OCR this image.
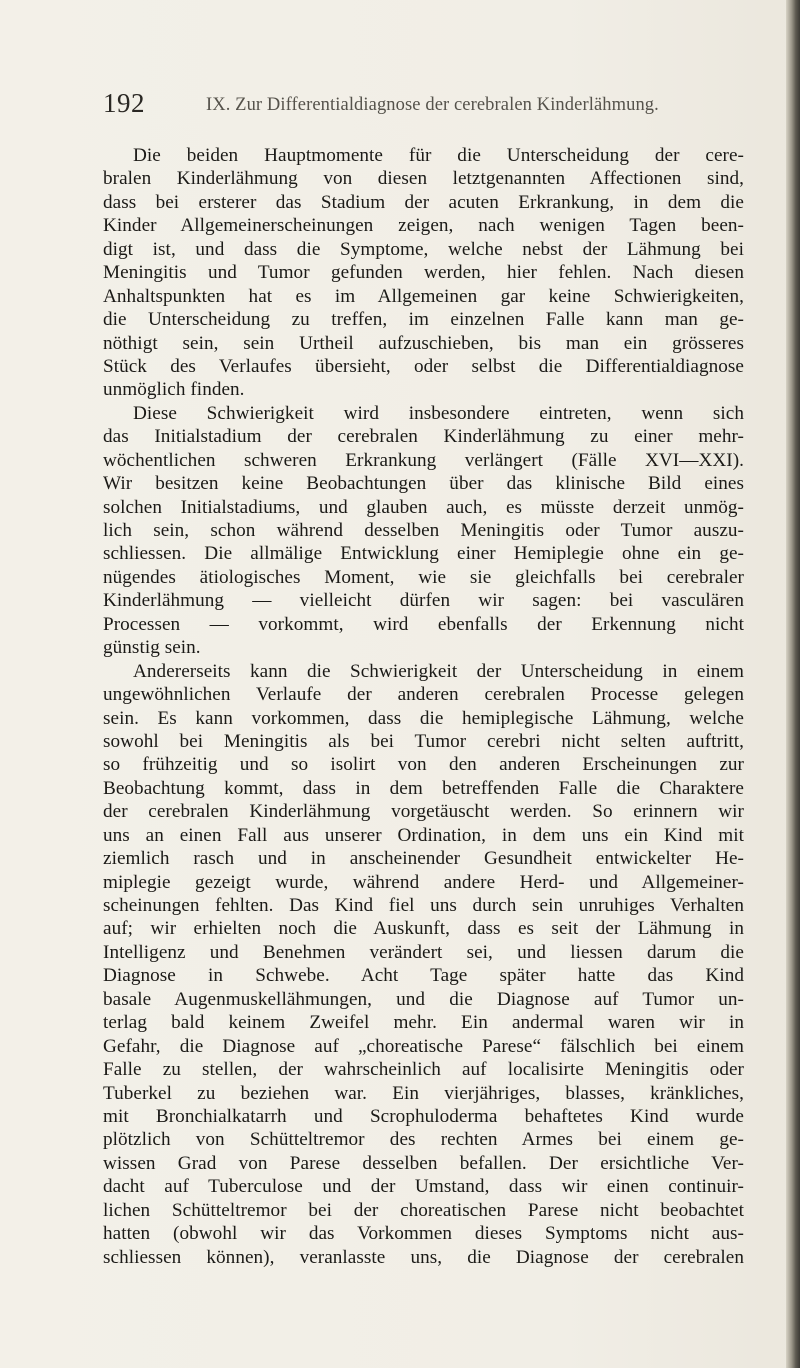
192	IX. Zur Differentialdiagnose der cerebralen Kinderlähmung.
Die beiden Hauptmomente für die Unterscheidung der cere-
bralen Kinderlähmung von diesen letztgenannten Affectionen sind,
dass bei ersterer das Stadium der acuten Erkrankung, in dem die
Kinder Allgemeinerscheinungen zeigen, nach wenigen Tagen been-
digt ist, und dass die Symptome, welche nebst der Lähmung bei
Meningitis und Tumor gefunden werden, hier fehlen. Nach diesen
Anhaltspunkten hat es im Allgemeinen gar keine Schwierigkeiten,
die Unterscheidung zu treffen, im einzelnen Falle kann man ge-
nöthigt sein, sein Urtheil aufzuschieben, bis man ein grösseres
Stück des Verlaufes übersieht, oder selbst die Differentialdiagnose
unmöglich finden.
Diese Schwierigkeit wird insbesondere eintreten, wenn sich
das Initialstadium der cerebralen Kinderlähmung zu einer mehr-
wöchentlichen schweren Erkrankung verlängert (Fälle XVI—XXI).
Wir besitzen keine Beobachtungen über das klinische Bild eines
solchen Initialstadiums, und glauben auch, es müsste derzeit unmög-
lich sein, schon während desselben Meningitis oder Tumor auszu-
schliessen. Die allmälige Entwicklung einer Hemiplegie ohne ein ge-
nügendes ätiologisches Moment, wie sie gleichfalls bei cerebraler
Kinderlähmung — vielleicht dürfen wir sagen: bei vasculären
Processen — vorkommt, wird ebenfalls der Erkennung nicht
günstig sein.
Andererseits kann die Schwierigkeit der Unterscheidung in einem
ungewöhnlichen Verlaufe der anderen cerebralen Processe gelegen
sein. Es kann vorkommen, dass die hemiplegische Lähmung, welche
sowohl bei Meningitis als bei Tumor cerebri nicht selten auftritt,
so frühzeitig und so isolirt von den anderen Erscheinungen zur
Beobachtung kommt, dass in dem betreffenden Falle die Charaktere
der cerebralen Kinderlähmung vorgetäuscht werden. So erinnern wir
uns an einen Fall aus unserer Ordination, in dem uns ein Kind mit
ziemlich rasch und in anscheinender Gesundheit entwickelter He-
miplegie gezeigt wurde, während andere Herd- und Allgemeiner-
scheinungen fehlten. Das Kind fiel uns durch sein unruhiges Verhalten
auf; wir erhielten noch die Auskunft, dass es seit der Lähmung in
Intelligenz und Benehmen verändert sei, und liessen darum die
Diagnose in Schwebe. Acht Tage später hatte das Kind
basale Augenmuskellähmungen, und die Diagnose auf Tumor un-
terlag bald keinem Zweifel mehr. Ein andermal waren wir in
Gefahr, die Diagnose auf „choreatische Parese“ fälschlich bei einem
Falle zu stellen, der wahrscheinlich auf localisirte Meningitis oder
Tuberkel zu beziehen war. Ein vierjähriges, blasses, kränkliches,
mit Bronchialkatarrh und Scrophuloderma behaftetes Kind wurde
plötzlich von Schütteltremor des rechten Armes bei einem ge-
wissen Grad von Parese desselben befallen. Der ersichtliche Ver-
dacht auf Tuberculose und der Umstand, dass wir einen continuir-
lichen Schütteltremor bei der choreatischen Parese nicht beobachtet
hatten (obwohl wir das Vorkommen dieses Symptoms nicht aus-
schliessen können), veranlasste uns, die Diagnose der cerebralen
